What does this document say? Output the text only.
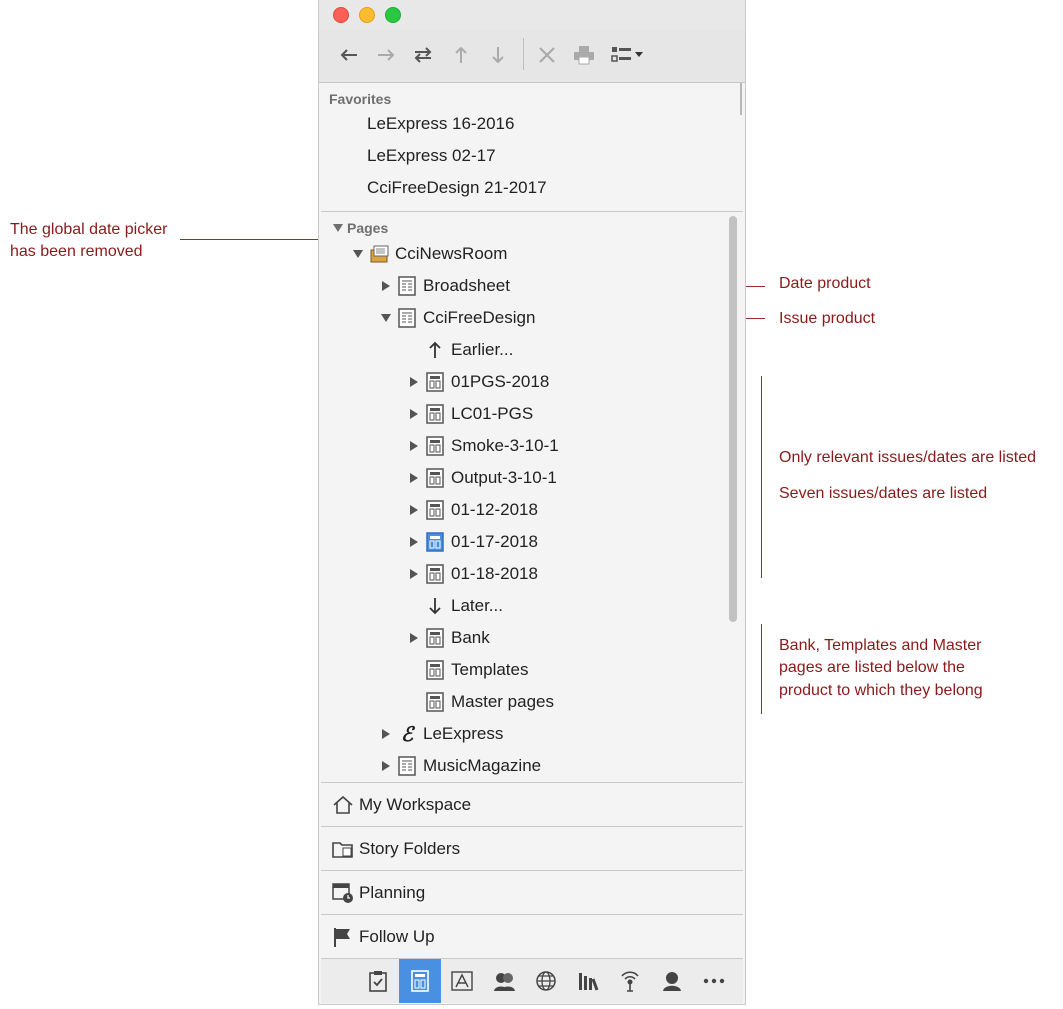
The global date picker
has been removed
Date product
Issue product
Only relevant issues/dates are listed
Seven issues/dates are listed
Bank, Templates and Master
pages are listed below the
product to which they belong
Favorites
LeExpress 16-2016
LeExpress 02-17
CciFreeDesign 21-2017
Pages
CciNewsRoom
Broadsheet
CciFreeDesign
Earlier...
01PGS-2018
LC01-PGS
Smoke-3-10-1
Output-3-10-1
01-12-2018
01-17-2018
01-18-2018
Later...
Bank
Templates
Master pages
ℰ LeExpress
MusicMagazine
My Workspace
Story Folders
Planning
Follow Up
